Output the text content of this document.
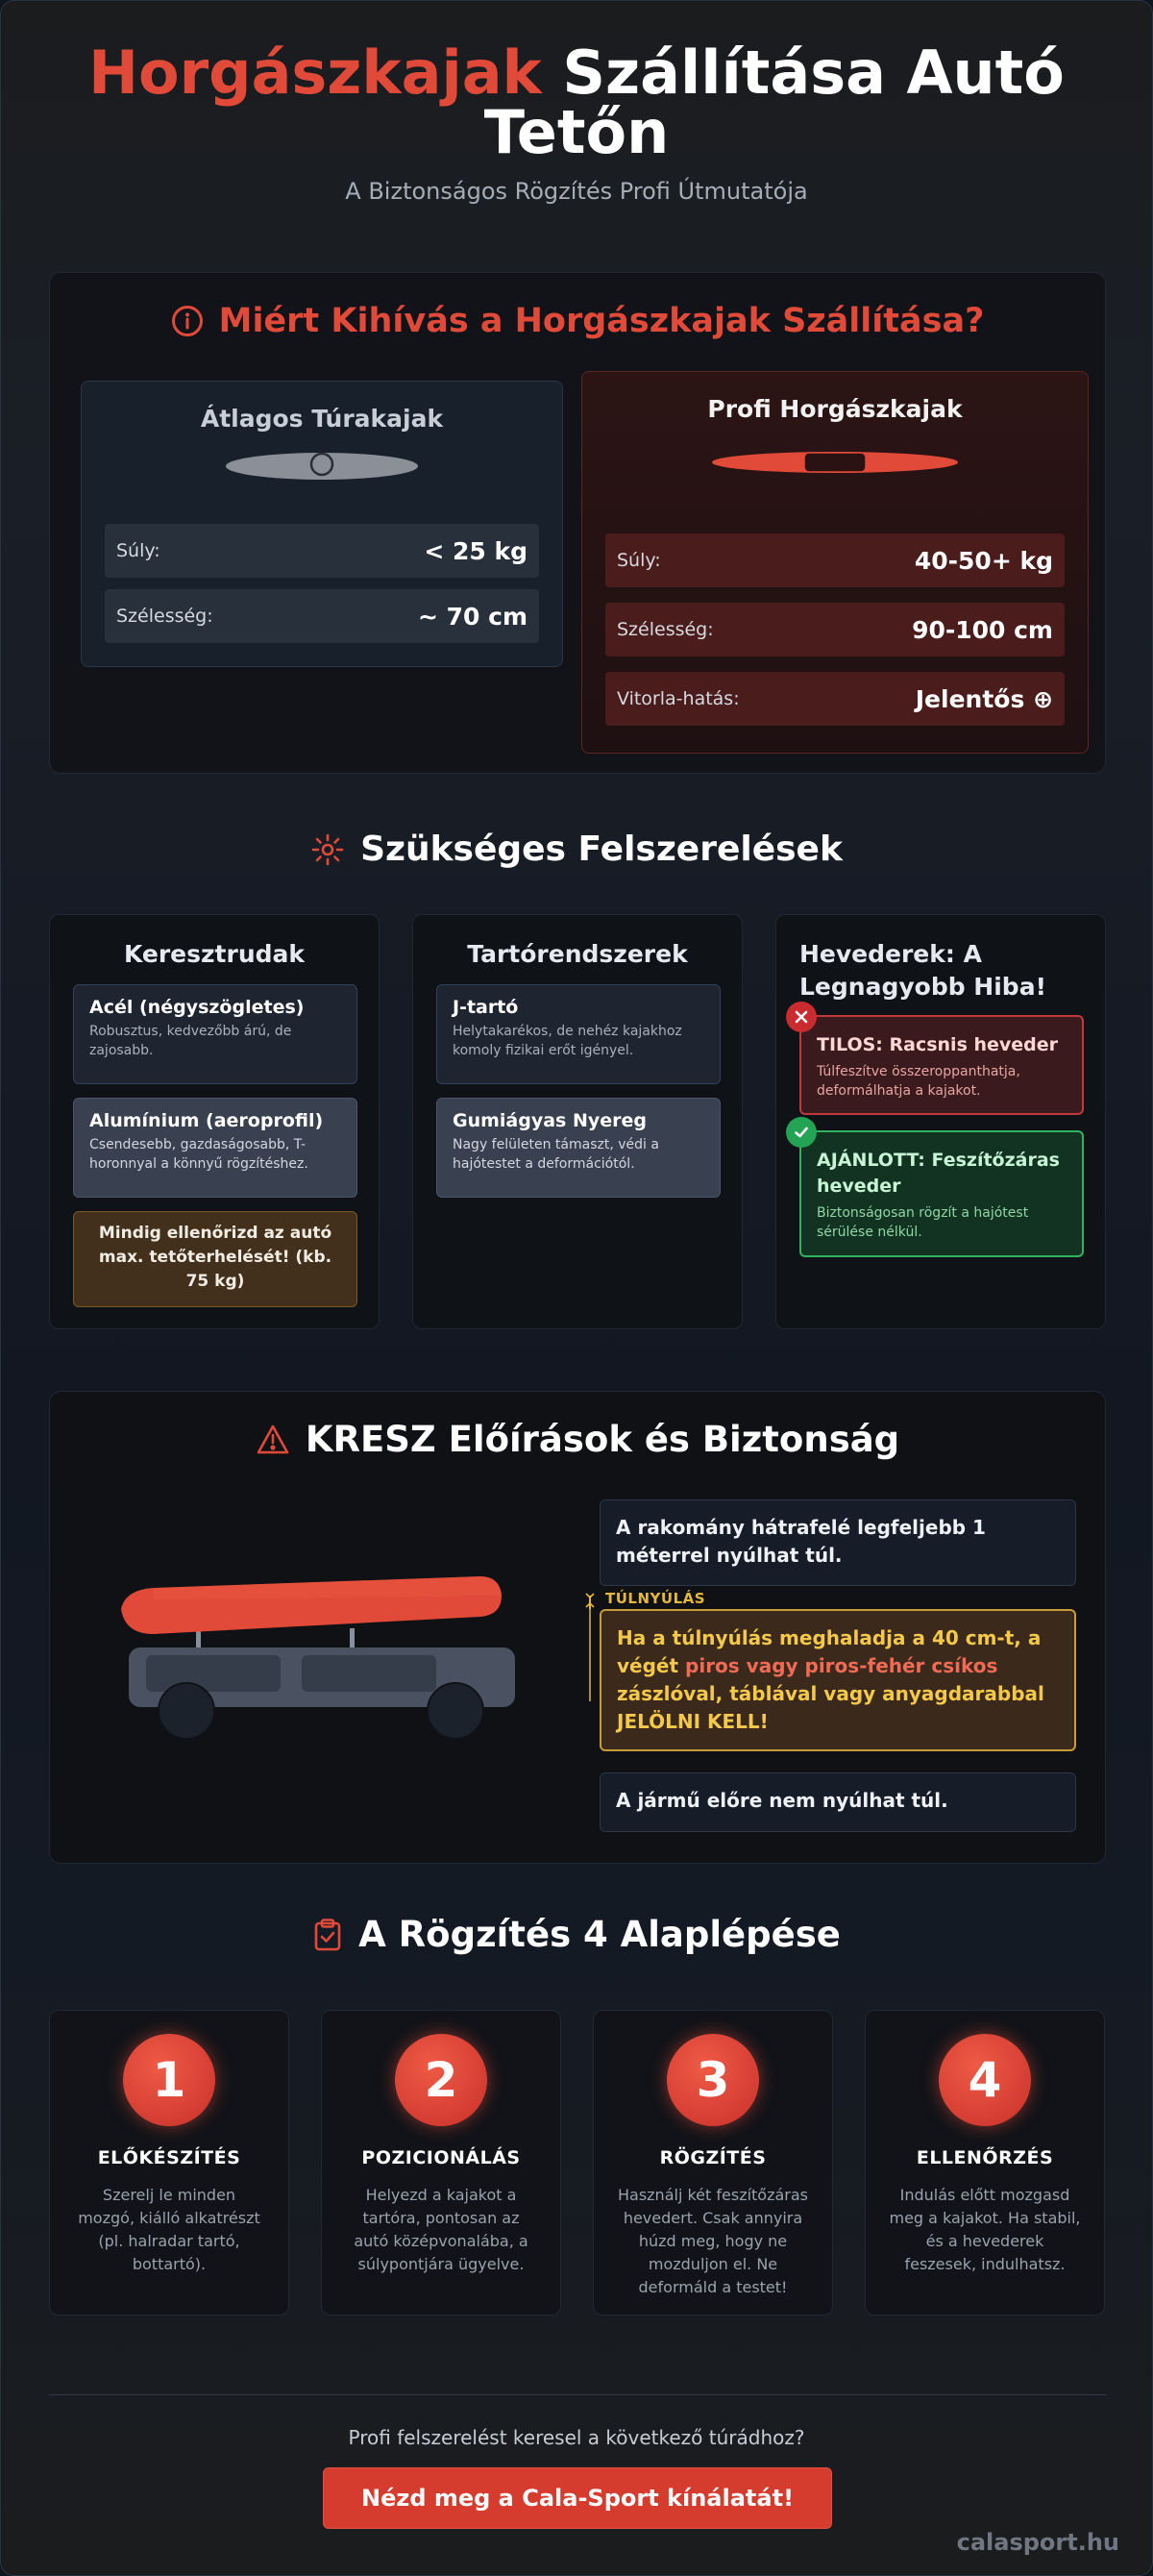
Horgászkajak Szállítása Autó Tetőn
A Biztonságos Rögzítés Profi Útmutatója
Miért Kihívás a Horgászkajak Szállítása?
Átlagos Túrakajak
Súly:	< 25 kg
Szélesség:	~ 70 cm
Profi Horgászkajak
Súly:	40-50+ kg
Szélesség:	90-100 cm
Vitorla-hatás:	Jelentős ⊕
Szükséges Felszerelések
Keresztrudak
Acél (négyszögletes)
Robusztus, kedvezőbb árú, de zajosabb.
Alumínium (aeroprofil)
Csendesebb, gazdaságosabb, T-horonnyal a könnyű rögzítéshez.
Mindig ellenőrizd az autó max. tetőterhelését! (kb. 75 kg)
Tartórendszerek
J-tartó
Helytakarékos, de nehéz kajakhoz komoly fizikai erőt igényel.
Gumiágyas Nyereg
Nagy felületen támaszt, védi a hajótestet a deformációtól.
Hevederek: A Legnagyobb Hiba!
TILOS: Racsnis heveder
Túlfeszítve összeroppanthatja, deformálhatja a kajakot.
AJÁNLOTT: Feszítőzáras heveder
Biztonságosan rögzít a hajótest sérülése nélkül.
KRESZ Előírások és Biztonság
TÚLNYÚLÁS
A rakomány hátrafelé legfeljebb 1 méterrel nyúlhat túl.
Ha a túlnyúlás meghaladja a 40 cm-t, a végét piros vagy piros-fehér csíkos zászlóval, táblával vagy anyagdarabbal JELÖLNI KELL!
A jármű előre nem nyúlhat túl.
A Rögzítés 4 Alaplépése
1
ELŐKÉSZÍTÉS
Szerelj le minden mozgó, kiálló alkatrészt (pl. halradar tartó, bottartó).
2
POZICIONÁLÁS
Helyezd a kajakot a tartóra, pontosan az autó középvonalába, a súlypontjára ügyelve.
3
RÖGZÍTÉS
Használj két feszítőzáras hevedert. Csak annyira húzd meg, hogy ne mozduljon el. Ne deformáld a testet!
4
ELLENŐRZÉS
Indulás előtt mozgasd meg a kajakot. Ha stabil, és a hevederek feszesek, indulhatsz.
Profi felszerelést keresel a következő túrádhoz?
Nézd meg a Cala-Sport kínálatát!
calasport.hu
